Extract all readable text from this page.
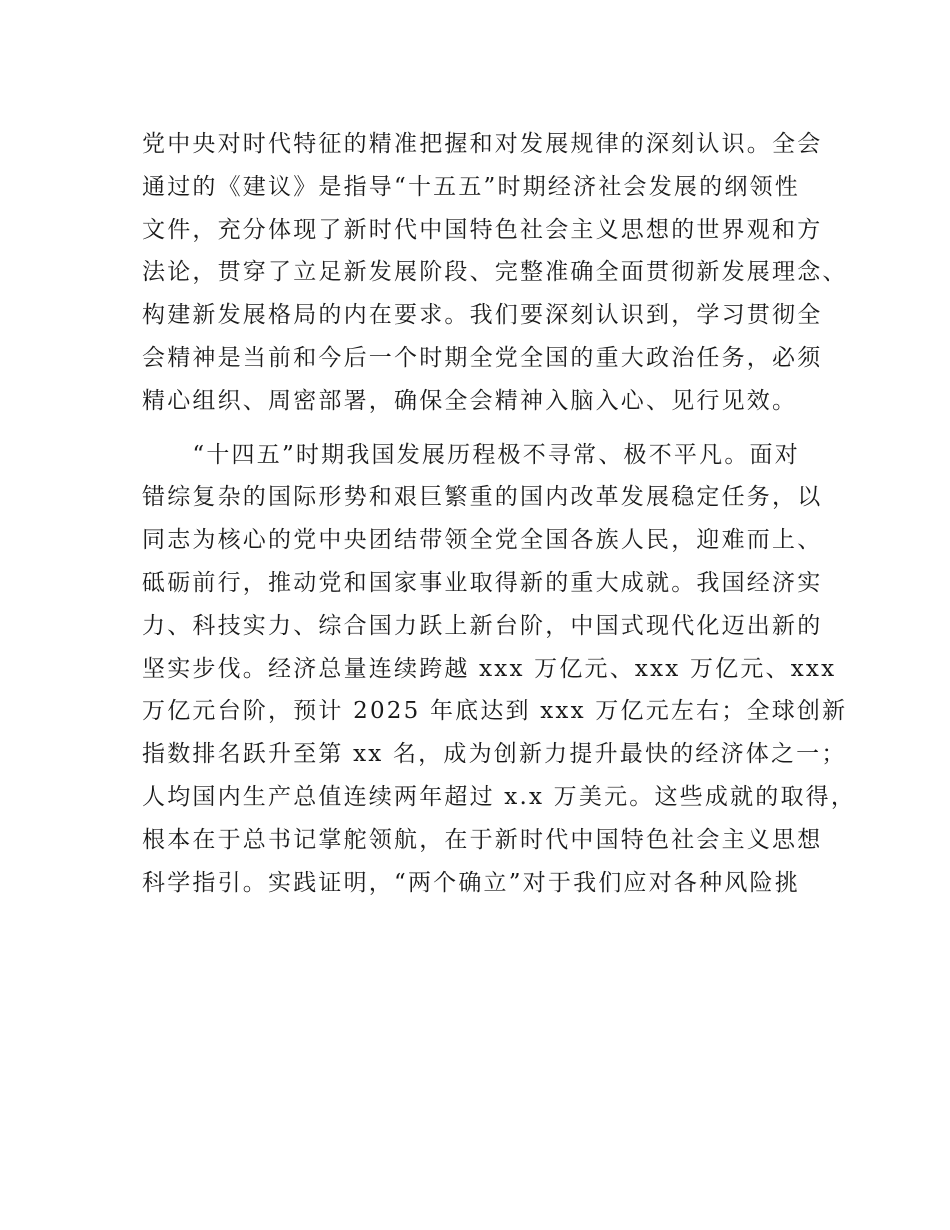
党中央对时代特征的精准把握和对发展规律的深刻认识。全会
通过的《建议》是指导“十五五”时期经济社会发展的纲领性
文件，充分体现了新时代中国特色社会主义思想的世界观和方
法论，贯穿了立足新发展阶段、完整准确全面贯彻新发展理念、
构建新发展格局的内在要求。我们要深刻认识到，学习贯彻全
会精神是当前和今后一个时期全党全国的重大政治任务，必须
精心组织、周密部署，确保全会精神入脑入心、见行见效。
　　“十四五”时期我国发展历程极不寻常、极不平凡。面对
错综复杂的国际形势和艰巨繁重的国内改革发展稳定任务，以
同志为核心的党中央团结带领全党全国各族人民，迎难而上、
砥砺前行，推动党和国家事业取得新的重大成就。我国经济实
力、科技实力、综合国力跃上新台阶，中国式现代化迈出新的
坚实步伐。经济总量连续跨越 xxx 万亿元、xxx 万亿元、xxx
万亿元台阶，预计 2025 年底达到 xxx 万亿元左右；全球创新
指数排名跃升至第 xx 名，成为创新力提升最快的经济体之一；
人均国内生产总值连续两年超过 x.x 万美元。这些成就的取得，
根本在于总书记掌舵领航，在于新时代中国特色社会主义思想
科学指引。实践证明，“两个确立”对于我们应对各种风险挑
